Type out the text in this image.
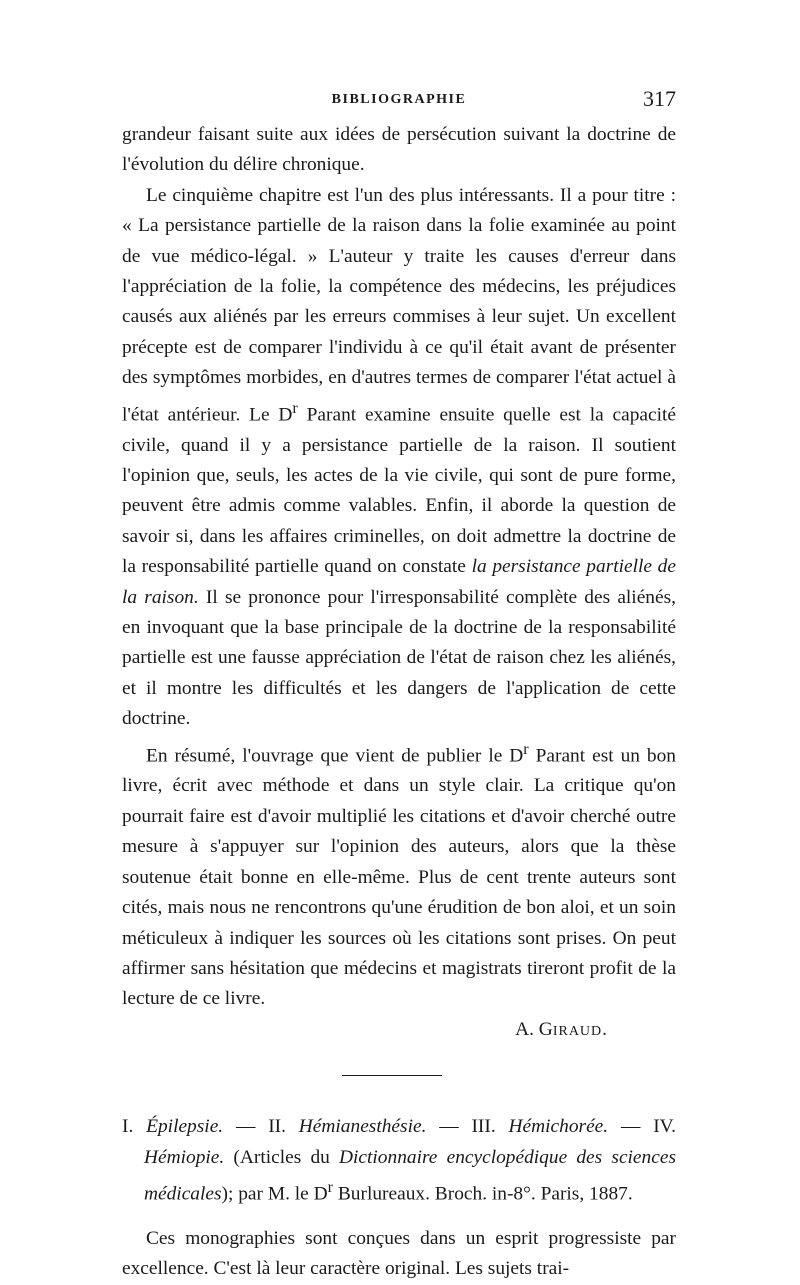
BIBLIOGRAPHIE	317

grandeur faisant suite aux idées de persécution suivant la doctrine de l'évolution du délire chronique.

Le cinquième chapitre est l'un des plus intéressants. Il a pour titre : « La persistance partielle de la raison dans la folie examinée au point de vue médico-légal. » L'auteur y traite les causes d'erreur dans l'appréciation de la folie, la compétence des médecins, les préjudices causés aux aliénés par les erreurs commises à leur sujet. Un excellent précepte est de comparer l'individu à ce qu'il était avant de présenter des symptômes morbides, en d'autres termes de comparer l'état actuel à l'état antérieur. Le $D^r$ Parant examine ensuite quelle est la capacité civile, quand il y a persistance partielle de la raison. Il soutient l'opinion que, seuls, les actes de la vie civile, qui sont de pure forme, peuvent être admis comme valables. Enfin, il aborde la question de savoir si, dans les affaires criminelles, on doit admettre la doctrine de la responsabilité partielle quand on constate la persistance partielle de la raison. Il se prononce pour l'irresponsabilité complète des aliénés, en invoquant que la base principale de la doctrine de la responsabilité partielle est une fausse appréciation de l'état de raison chez les aliénés, et il montre les difficultés et les dangers de l'application de cette doctrine.

En résumé, l'ouvrage que vient de publier le $D^r$ Parant est un bon livre, écrit avec méthode et dans un style clair. La critique qu'on pourrait faire est d'avoir multiplié les citations et d'avoir cherché outre mesure à s'appuyer sur l'opinion des auteurs, alors que la thèse soutenue était bonne en elle-même. Plus de cent trente auteurs sont cités, mais nous ne rencontrons qu'une érudition de bon aloi, et un soin méticuleux à indiquer les sources où les citations sont prises. On peut affirmer sans hésitation que médecins et magistrats tireront profit de la lecture de ce livre.

A. Giraud.
I. Épilepsie. — II. Hémianesthésie. — III. Hémichorée. — IV. Hémiopie. (Articles du Dictionnaire encyclopédique des sciences médicales); par M. le $D^r$ Burlureaux. Broch. in-8°. Paris, 1887.

Ces monographies sont conçues dans un esprit progressiste par excellence. C'est là leur caractère original. Les sujets trai-
